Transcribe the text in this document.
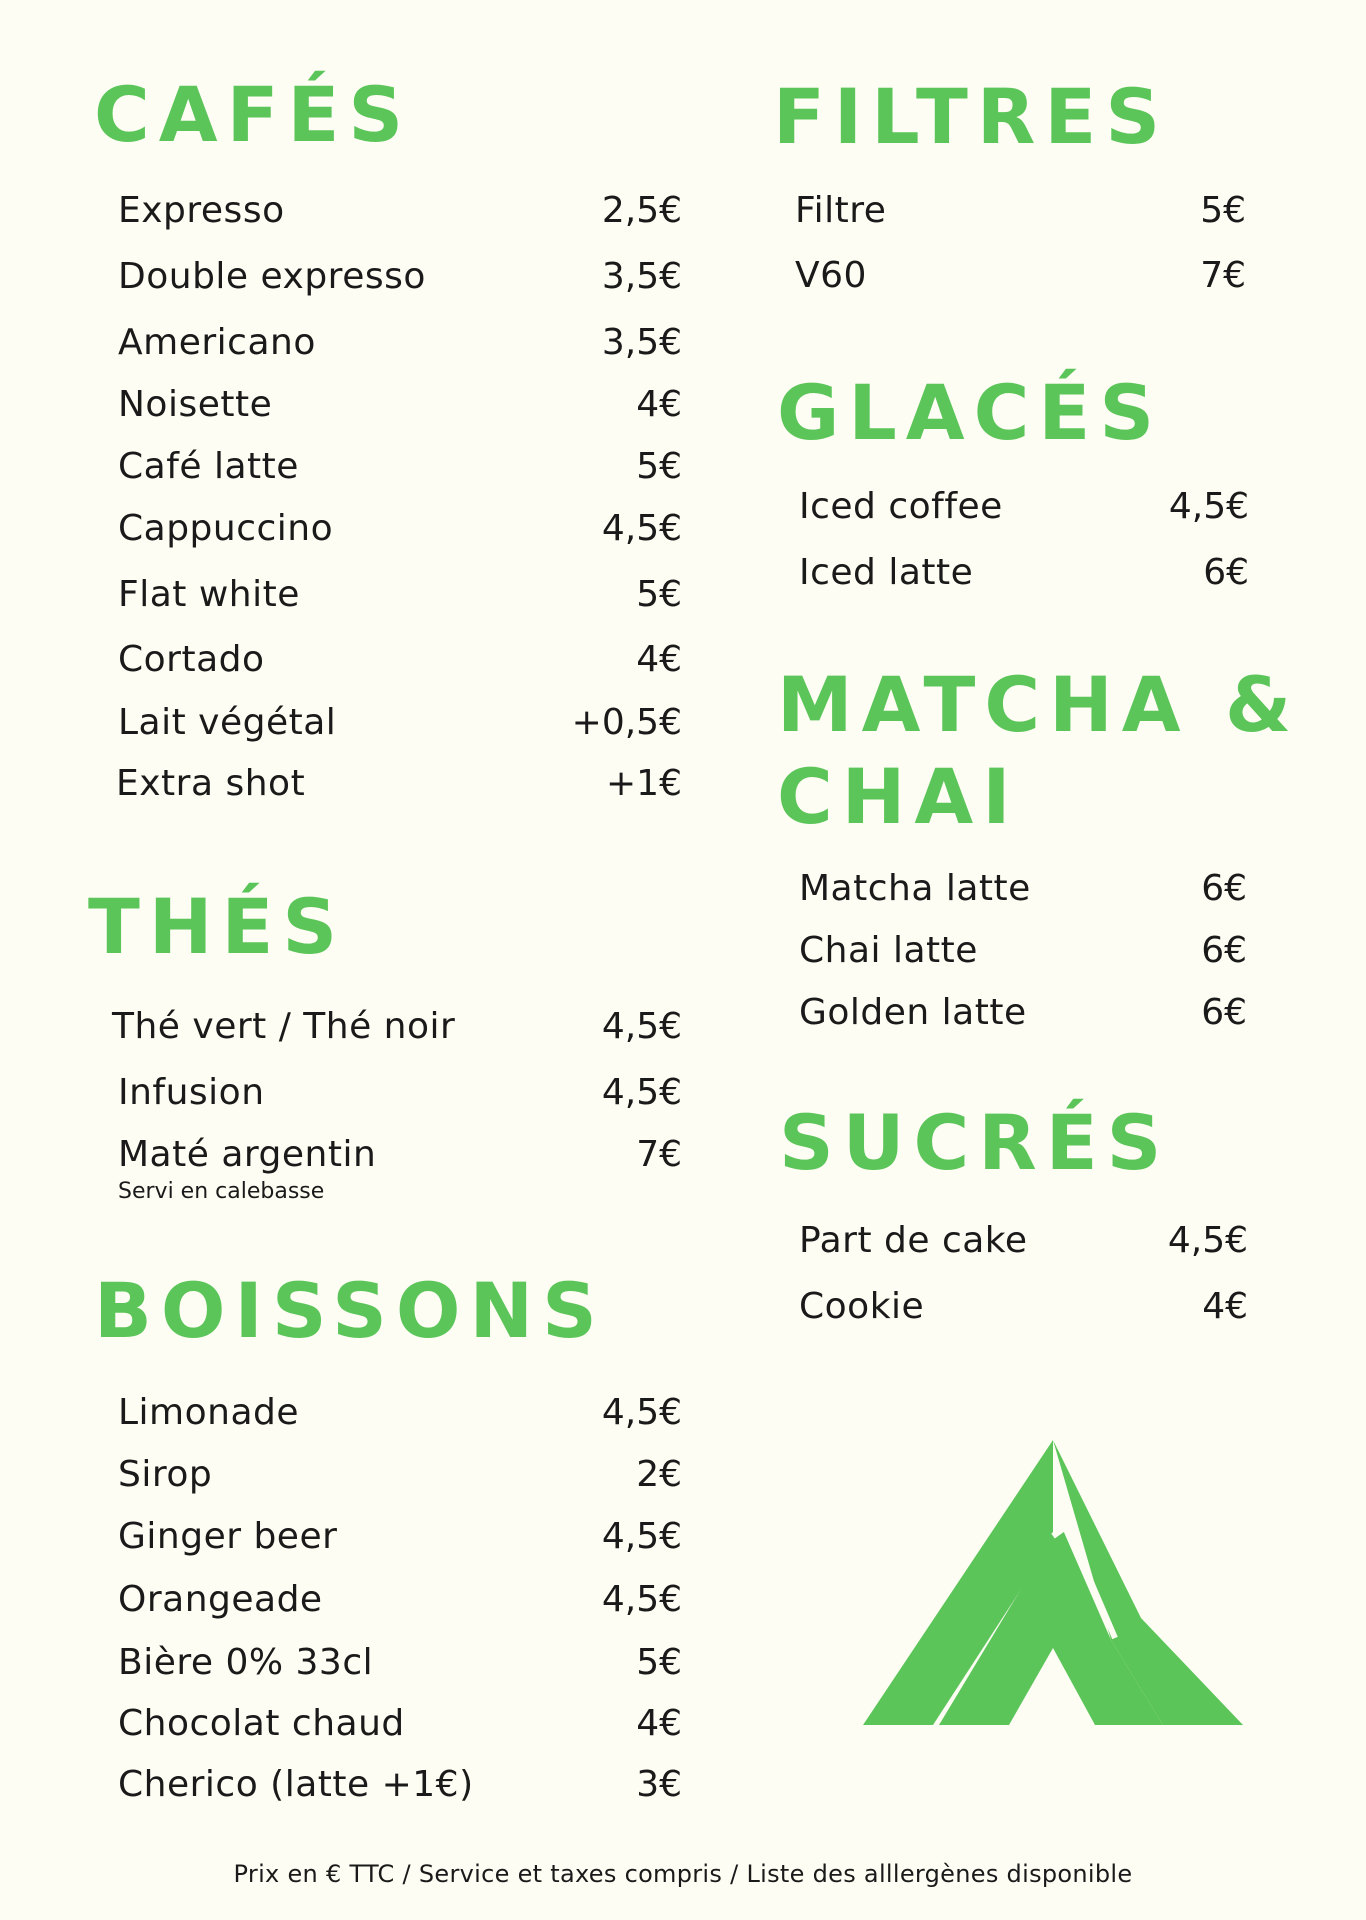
CAFÉS
Expresso	2,5€
Double expresso	3,5€
Americano	3,5€
Noisette	4€
Café latte	5€
Cappuccino	4,5€
Flat white	5€
Cortado	4€
Lait végétal	+0,5€
Extra shot	+1€
THÉS
Thé vert / Thé noir	4,5€
Infusion	4,5€
Maté argentin	7€
Servi en calebasse
BOISSONS
Limonade	4,5€
Sirop	2€
Ginger beer	4,5€
Orangeade	4,5€
Bière 0% 33cl	5€
Chocolat chaud	4€
Cherico (latte +1€)	3€
FILTRES
Filtre	5€
V60	7€
GLACÉS
Iced coffee	4,5€
Iced latte	6€
MATCHA &
CHAI
Matcha latte	6€
Chai latte	6€
Golden latte	6€
SUCRÉS
Part de cake	4,5€
Cookie	4€
Prix en € TTC / Service et taxes compris / Liste des alllergènes disponible
